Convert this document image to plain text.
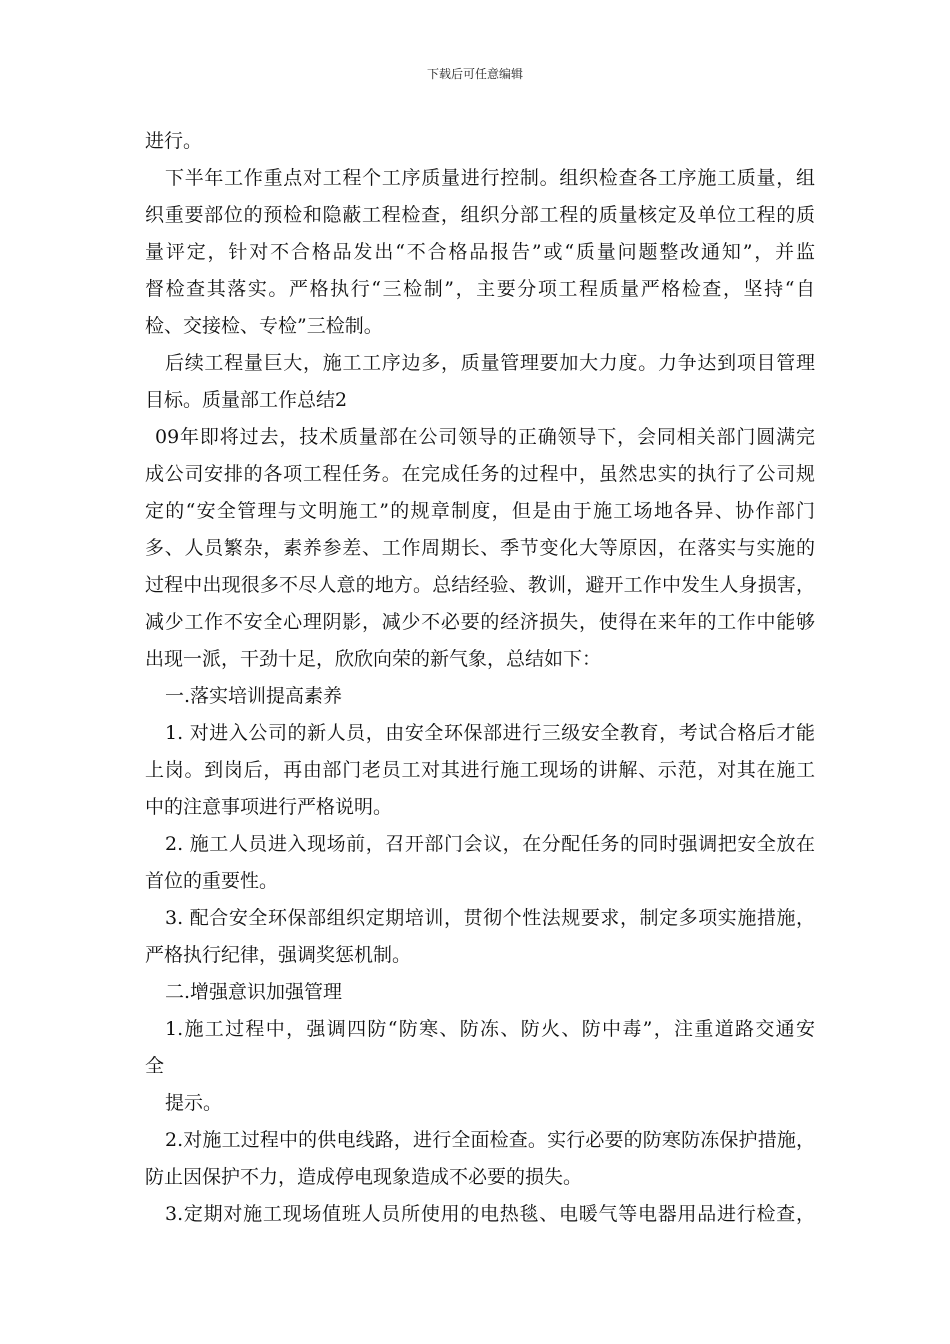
下载后可任意编辑
进行。
下半年工作重点对工程个工序质量进行控制。组织检查各工序施工质量，组
织重要部位的预检和隐蔽工程检查，组织分部工程的质量核定及单位工程的质
量评定，针对不合格品发出“不合格品报告”或“质量问题整改通知”，并监
督检查其落实。严格执行“三检制”，主要分项工程质量严格检查，坚持“自
检、交接检、专检”三检制。
后续工程量巨大，施工工序边多，质量管理要加大力度。力争达到项目管理
目标。质量部工作总结2
09年即将过去，技术质量部在公司领导的正确领导下，会同相关部门圆满完
成公司安排的各项工程任务。在完成任务的过程中，虽然忠实的执行了公司规
定的“安全管理与文明施工”的规章制度，但是由于施工场地各异、协作部门
多、人员繁杂，素养参差、工作周期长、季节变化大等原因，在落实与实施的
过程中出现很多不尽人意的地方。总结经验、教训，避开工作中发生人身损害，
减少工作不安全心理阴影，减少不必要的经济损失，使得在来年的工作中能够
出现一派，干劲十足，欣欣向荣的新气象，总结如下：
一.落实培训提高素养
1. 对进入公司的新人员，由安全环保部进行三级安全教育，考试合格后才能
上岗。到岗后，再由部门老员工对其进行施工现场的讲解、示范，对其在施工
中的注意事项进行严格说明。
2. 施工人员进入现场前，召开部门会议，在分配任务的同时强调把安全放在
首位的重要性。
3. 配合安全环保部组织定期培训，贯彻个性法规要求，制定多项实施措施，
严格执行纪律，强调奖惩机制。
二.增强意识加强管理
1.施工过程中，强调四防“防寒、防冻、防火、防中毒”，注重道路交通安
全
提示。
2.对施工过程中的供电线路，进行全面检查。实行必要的防寒防冻保护措施，
防止因保护不力，造成停电现象造成不必要的损失。
3.定期对施工现场值班人员所使用的电热毯、电暖气等电器用品进行检查，
